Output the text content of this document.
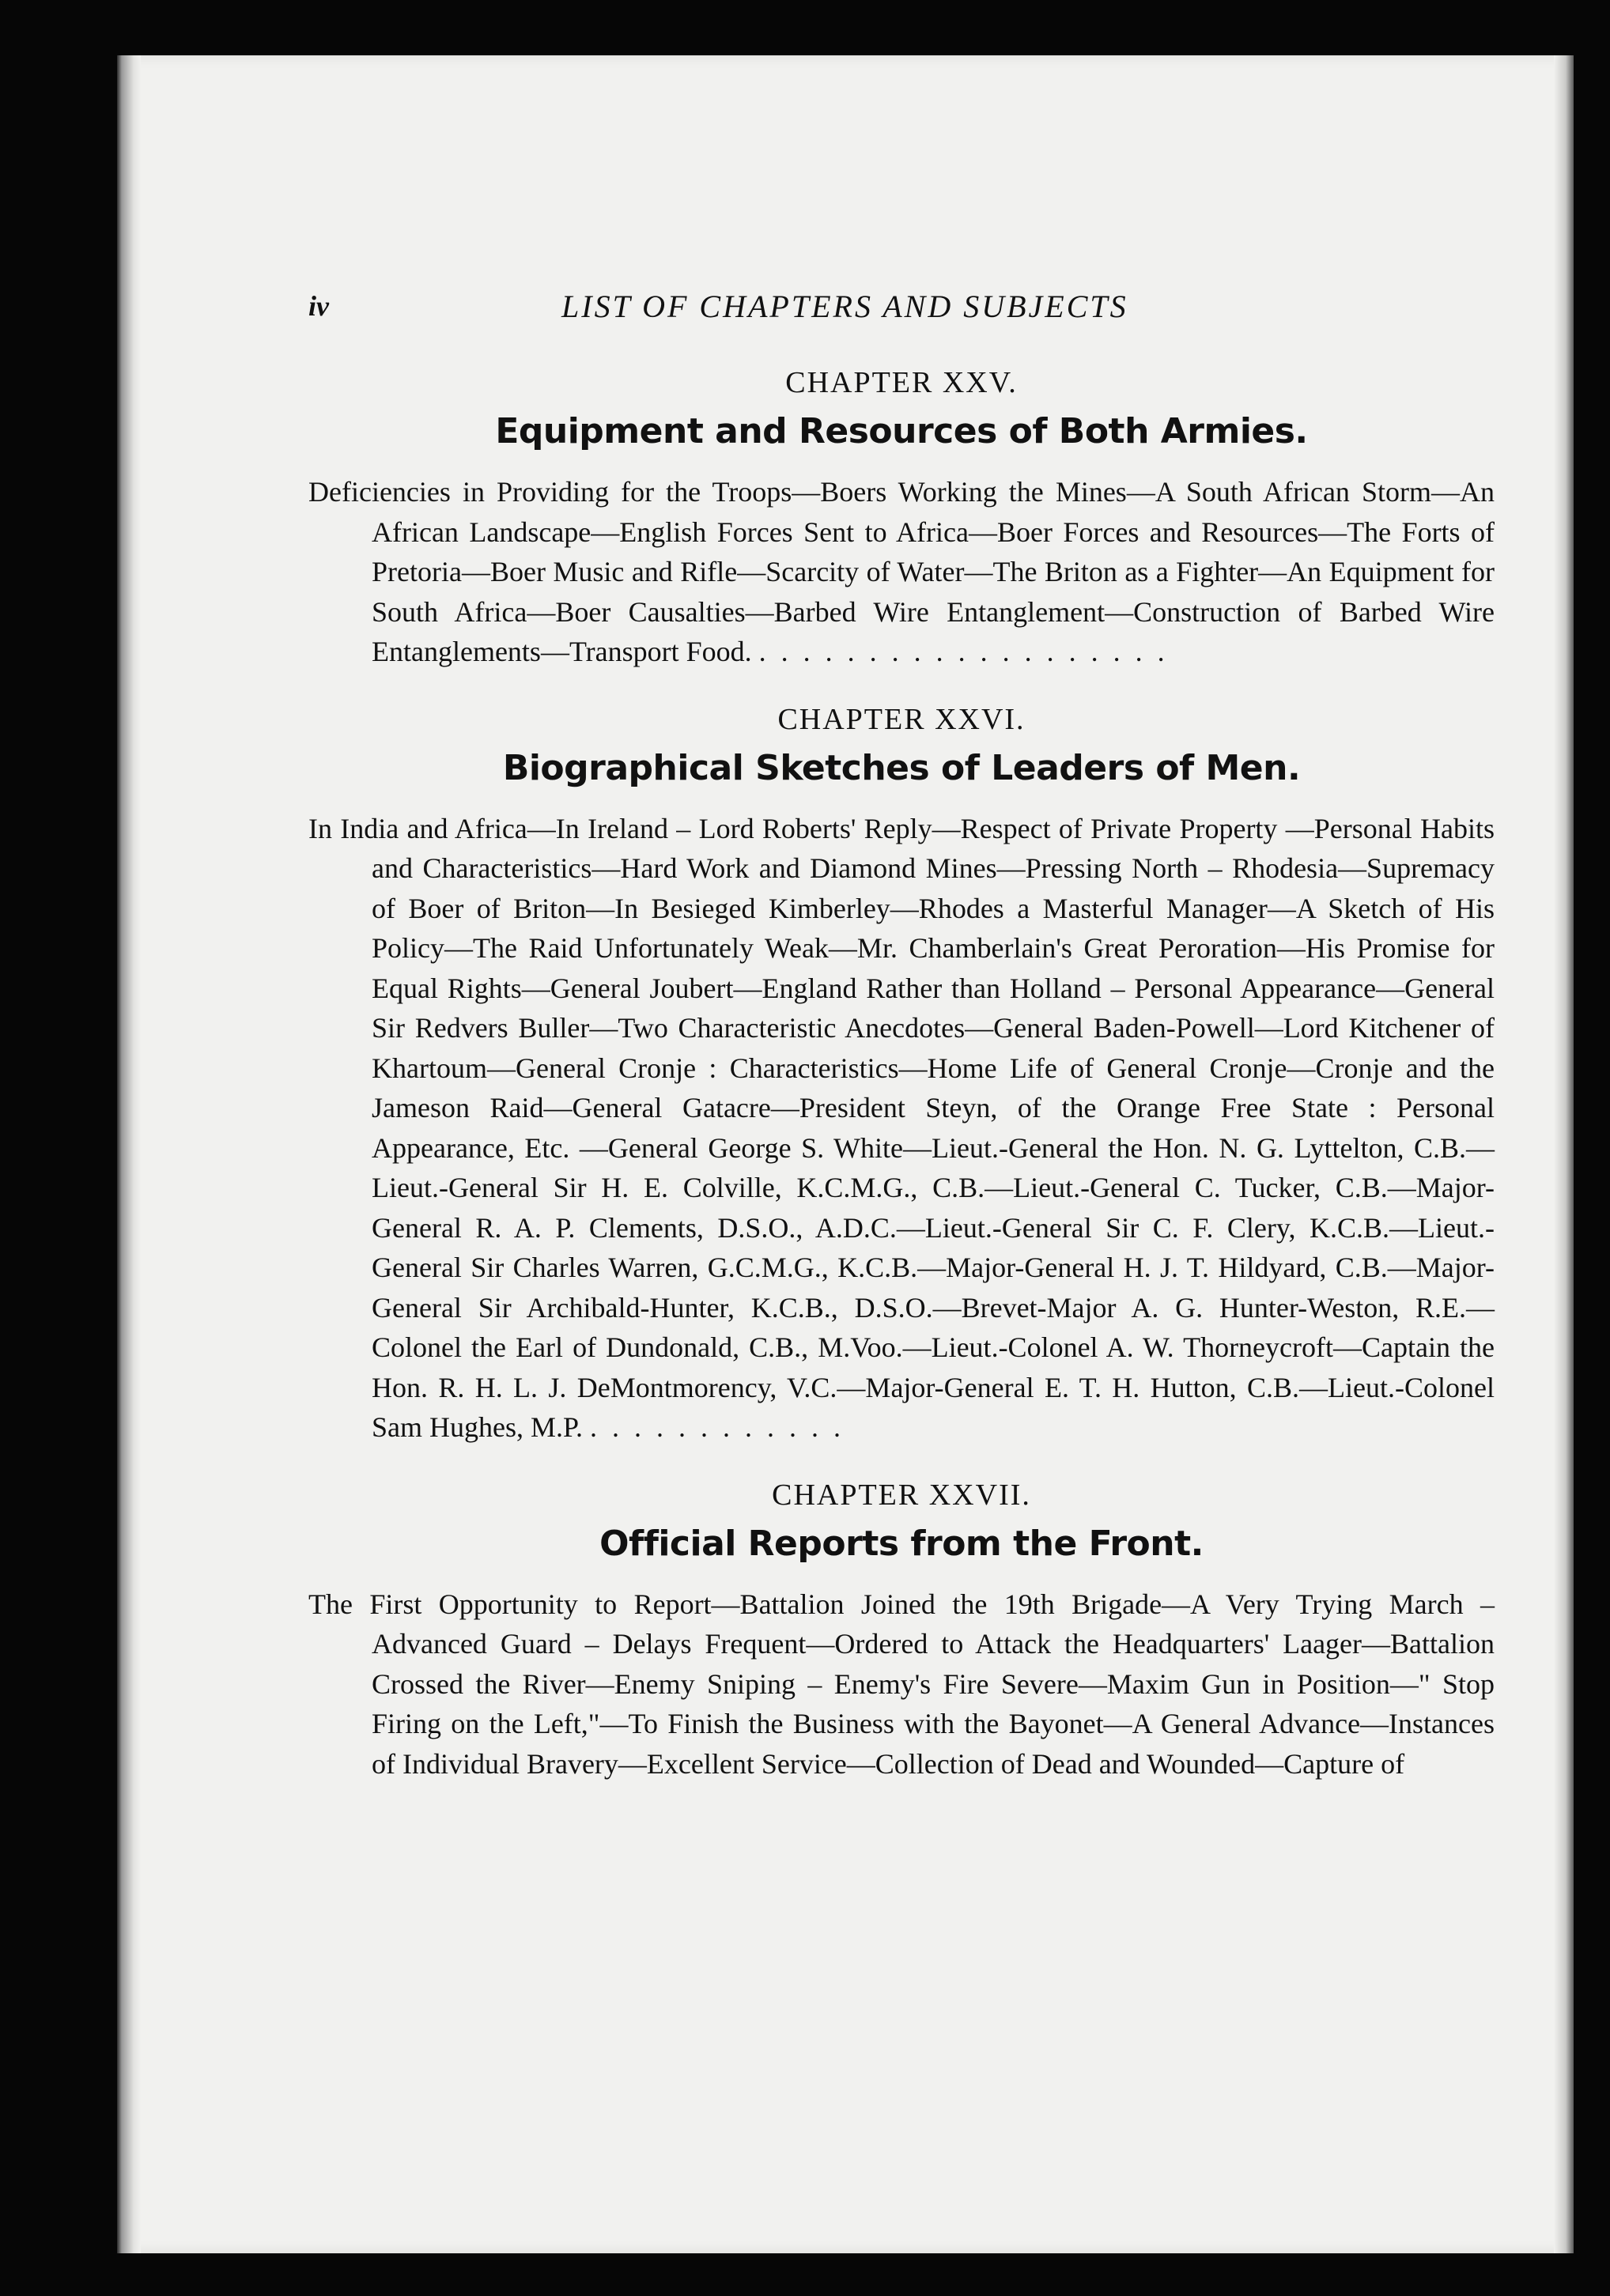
iv	LIST OF CHAPTERS AND SUBJECTS
CHAPTER XXV.
Equipment and Resources of Both Armies.

Deficiencies in Providing for the Troops—Boers Working the Mines—A South African Storm—An African Landscape—English Forces Sent to Africa—Boer Forces and Resources—The Forts of Pretoria—Boer Music and Rifle—Scarcity of Water—The Briton as a Fighter—An Equipment for South Africa—Boer Causalties—Barbed Wire Entanglement—Construction of Barbed Wire Entanglements—Transport Food. ...................

CHAPTER XXVI.
Biographical Sketches of Leaders of Men.

In India and Africa—In Ireland – Lord Roberts' Reply—Respect of Private Property —Personal Habits and Characteristics—Hard Work and Diamond Mines—Pressing North – Rhodesia—Supremacy of Boer of Briton—In Besieged Kimberley—Rhodes a Masterful Manager—A Sketch of His Policy—The Raid Unfortunately Weak—Mr. Chamberlain's Great Peroration—His Promise for Equal Rights—General Joubert—England Rather than Holland – Personal Appearance—General Sir Redvers Buller—Two Characteristic Anecdotes—General Baden-Powell—Lord Kitchener of Khartoum—General Cronje : Characteristics—Home Life of General Cronje—Cronje and the Jameson Raid—General Gatacre—President Steyn, of the Orange Free State : Personal Appearance, Etc. —General George S. White—Lieut.-General the Hon. N. G. Lyttelton, C.B.—Lieut.-General Sir H. E. Colville, K.C.M.G., C.B.—Lieut.-General C. Tucker, C.B.—Major-General R. A. P. Clements, D.S.O., A.D.C.—Lieut.-General Sir C. F. Clery, K.C.B.—Lieut.-General Sir Charles Warren, G.C.M.G., K.C.B.—Major-General H. J. T. Hildyard, C.B.—Major-General Sir Archibald-Hunter, K.C.B., D.S.O.—Brevet-Major A. G. Hunter-Weston, R.E.—Colonel the Earl of Dundonald, C.B., M.Voo.—Lieut.-Colonel A. W. Thorneycroft—Captain the Hon. R. H. L. J. DeMontmorency, V.C.—Major-General E. T. H. Hutton, C.B.—Lieut.-Colonel Sam Hughes, M.P. ............

CHAPTER XXVII.
Official Reports from the Front.

The First Opportunity to Report—Battalion Joined the 19th Brigade—A Very Trying March – Advanced Guard – Delays Frequent—Ordered to Attack the Headquarters' Laager—Battalion Crossed the River—Enemy Sniping – Enemy's Fire Severe—Maxim Gun in Position—" Stop Firing on the Left,"—To Finish the Business with the Bayonet—A General Advance—Instances of Individual Bravery—Excellent Service—Collection of Dead and Wounded—Capture of
